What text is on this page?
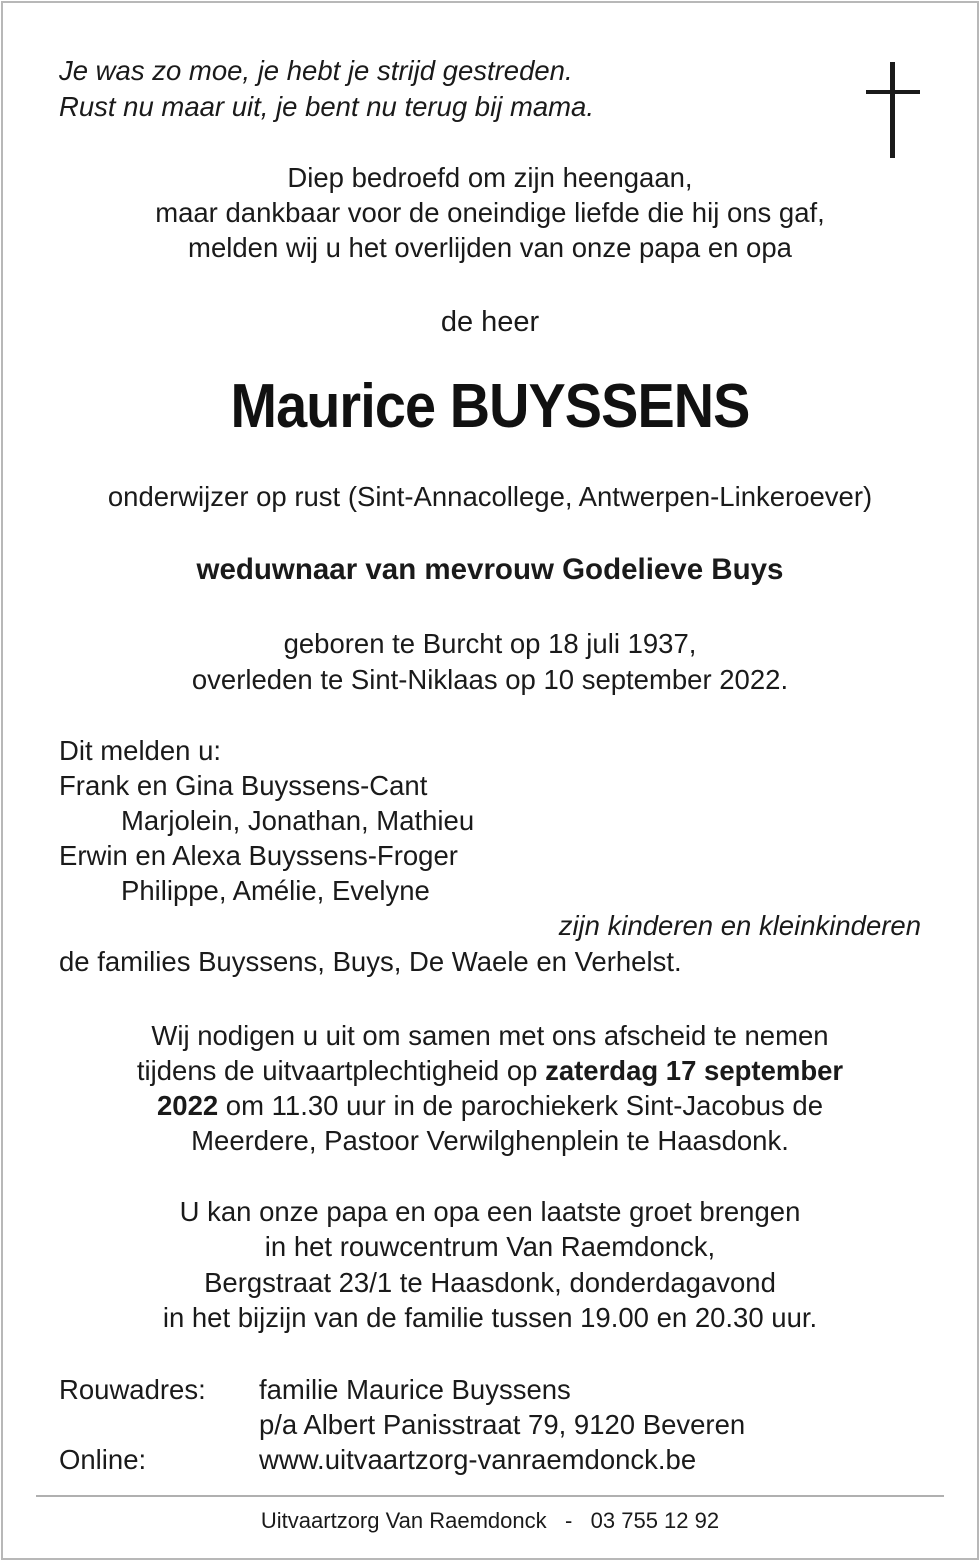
Je was zo moe, je hebt je strijd gestreden.
Rust nu maar uit, je bent nu terug bij mama.
Diep bedroefd om zijn heengaan,
maar dankbaar voor de oneindige liefde die hij ons gaf,
melden wij u het overlijden van onze papa en opa
de heer
Maurice BUYSSENS
onderwijzer op rust (Sint-Annacollege, Antwerpen-Linkeroever)
weduwnaar van mevrouw Godelieve Buys
geboren te Burcht op 18 juli 1937,
overleden te Sint-Niklaas op 10 september 2022.
Dit melden u:
Frank en Gina Buyssens-Cant
Marjolein, Jonathan, Mathieu
Erwin en Alexa Buyssens-Froger
Philippe, Amélie, Evelyne
zijn kinderen en kleinkinderen
de families Buyssens, Buys, De Waele en Verhelst.
Wij nodigen u uit om samen met ons afscheid te nemen
tijdens de uitvaartplechtigheid op zaterdag 17 september
2022 om 11.30 uur in de parochiekerk Sint-Jacobus de
Meerdere, Pastoor Verwilghenplein te Haasdonk.
U kan onze papa en opa een laatste groet brengen
in het rouwcentrum Van Raemdonck,
Bergstraat 23/1 te Haasdonk, donderdagavond
in het bijzijn van de familie tussen 19.00 en 20.30 uur.
Rouwadres: familie Maurice Buyssens
p/a Albert Panisstraat 79, 9120 Beveren
Online:	www.uitvaartzorg-vanraemdonck.be
Uitvaartzorg Van Raemdonck - 03 755 12 92
